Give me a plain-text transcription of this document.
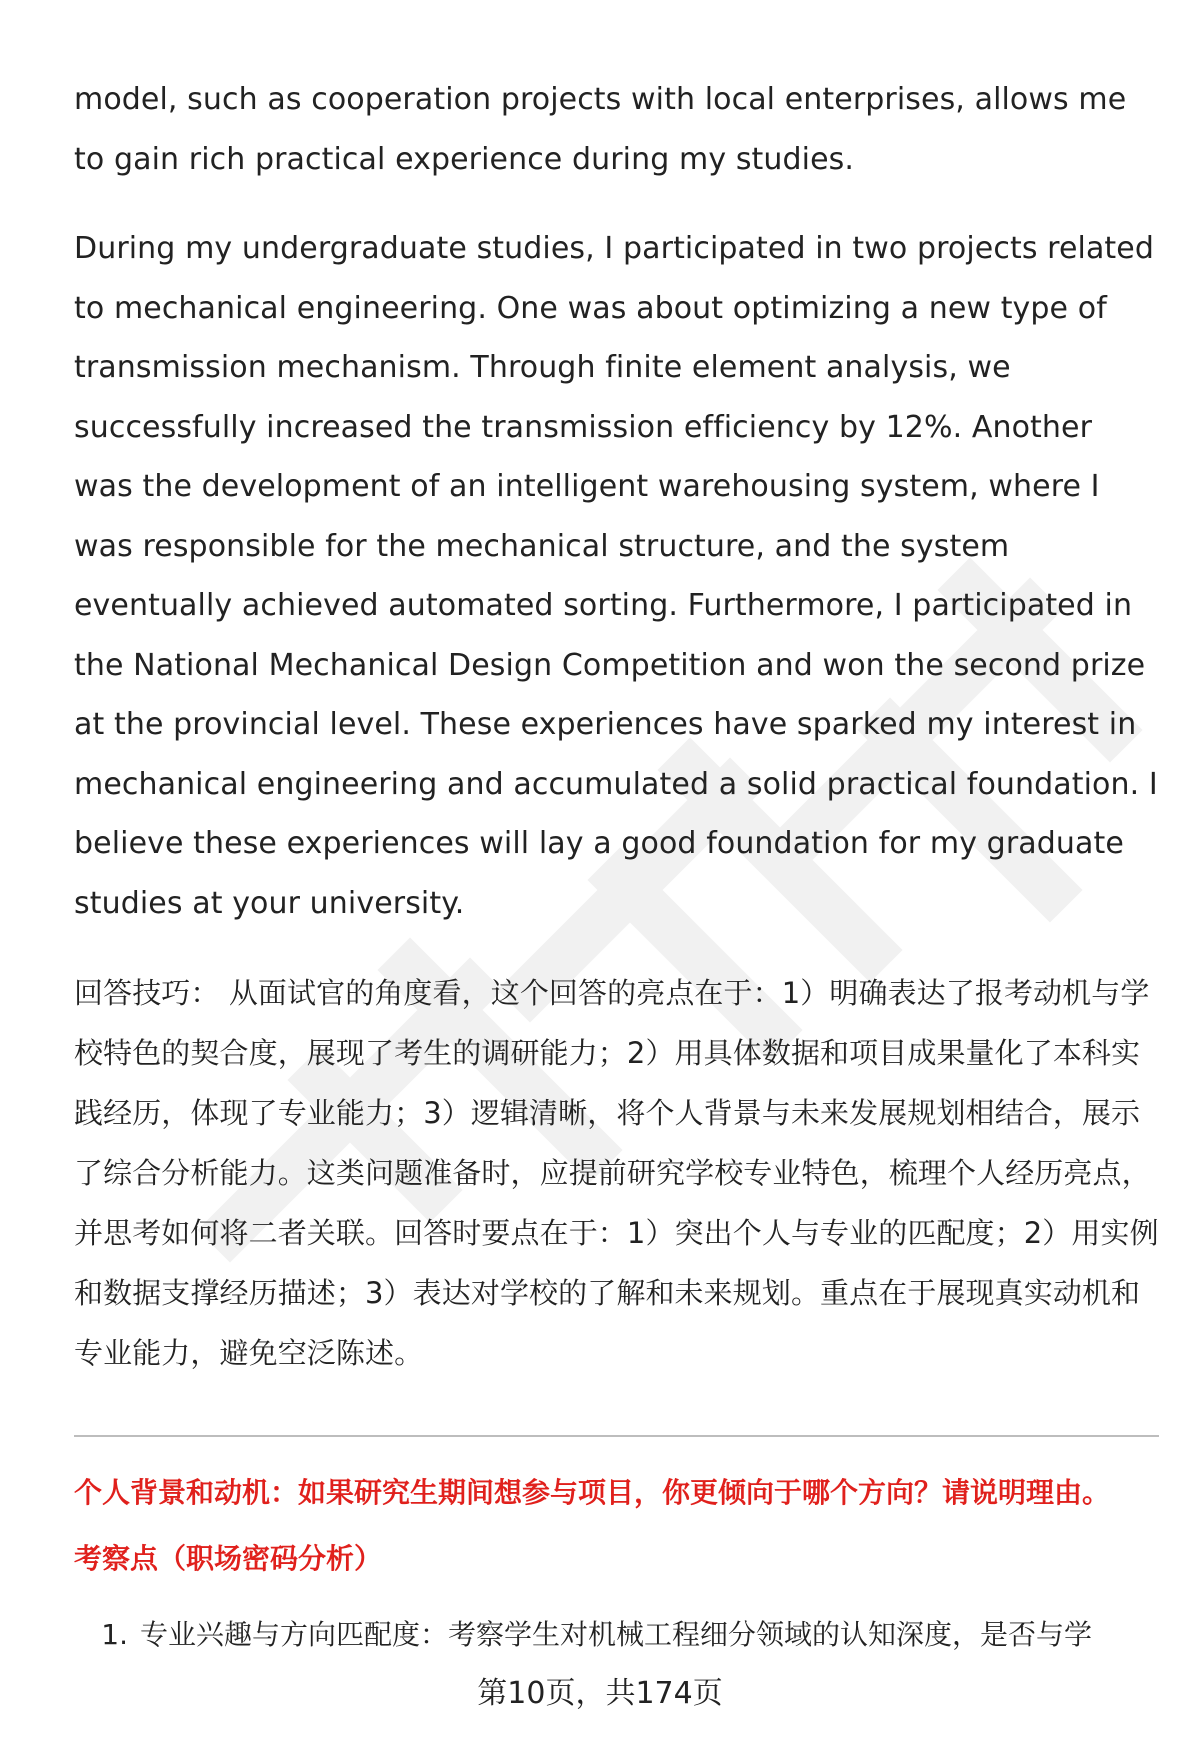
model, such as cooperation projects with local enterprises, allows me to gain rich practical experience during my studies.

During my undergraduate studies, I participated in two projects related to mechanical engineering. One was about optimizing a new type of transmission mechanism. Through finite element analysis, we successfully increased the transmission efficiency by 12%. Another was the development of an intelligent warehousing system, where I was responsible for the mechanical structure, and the system eventually achieved automated sorting. Furthermore, I participated in the National Mechanical Design Competition and won the second prize at the provincial level. These experiences have sparked my interest in mechanical engineering and accumulated a solid practical foundation. I believe these experiences will lay a good foundation for my graduate studies at your university.

回答技巧： 从面试官的角度看，这个回答的亮点在于：1）明确表达了报考动机与学校特色的契合度，展现了考生的调研能力；2）用具体数据和项目成果量化了本科实践经历，体现了专业能力；3）逻辑清晰，将个人背景与未来发展规划相结合，展示了综合分析能力。这类问题准备时，应提前研究学校专业特色，梳理个人经历亮点，并思考如何将二者关联。回答时要点在于：1）突出个人与专业的匹配度；2）用实例和数据支撑经历描述；3）表达对学校的了解和未来规划。重点在于展现真实动机和专业能力，避免空泛陈述。

个人背景和动机：如果研究生期间想参与项目，你更倾向于哪个方向？请说明理由。
考察点（职场密码分析）
1. 专业兴趣与方向匹配度：考察学生对机械工程细分领域的认知深度，是否与学
第10页，共174页
